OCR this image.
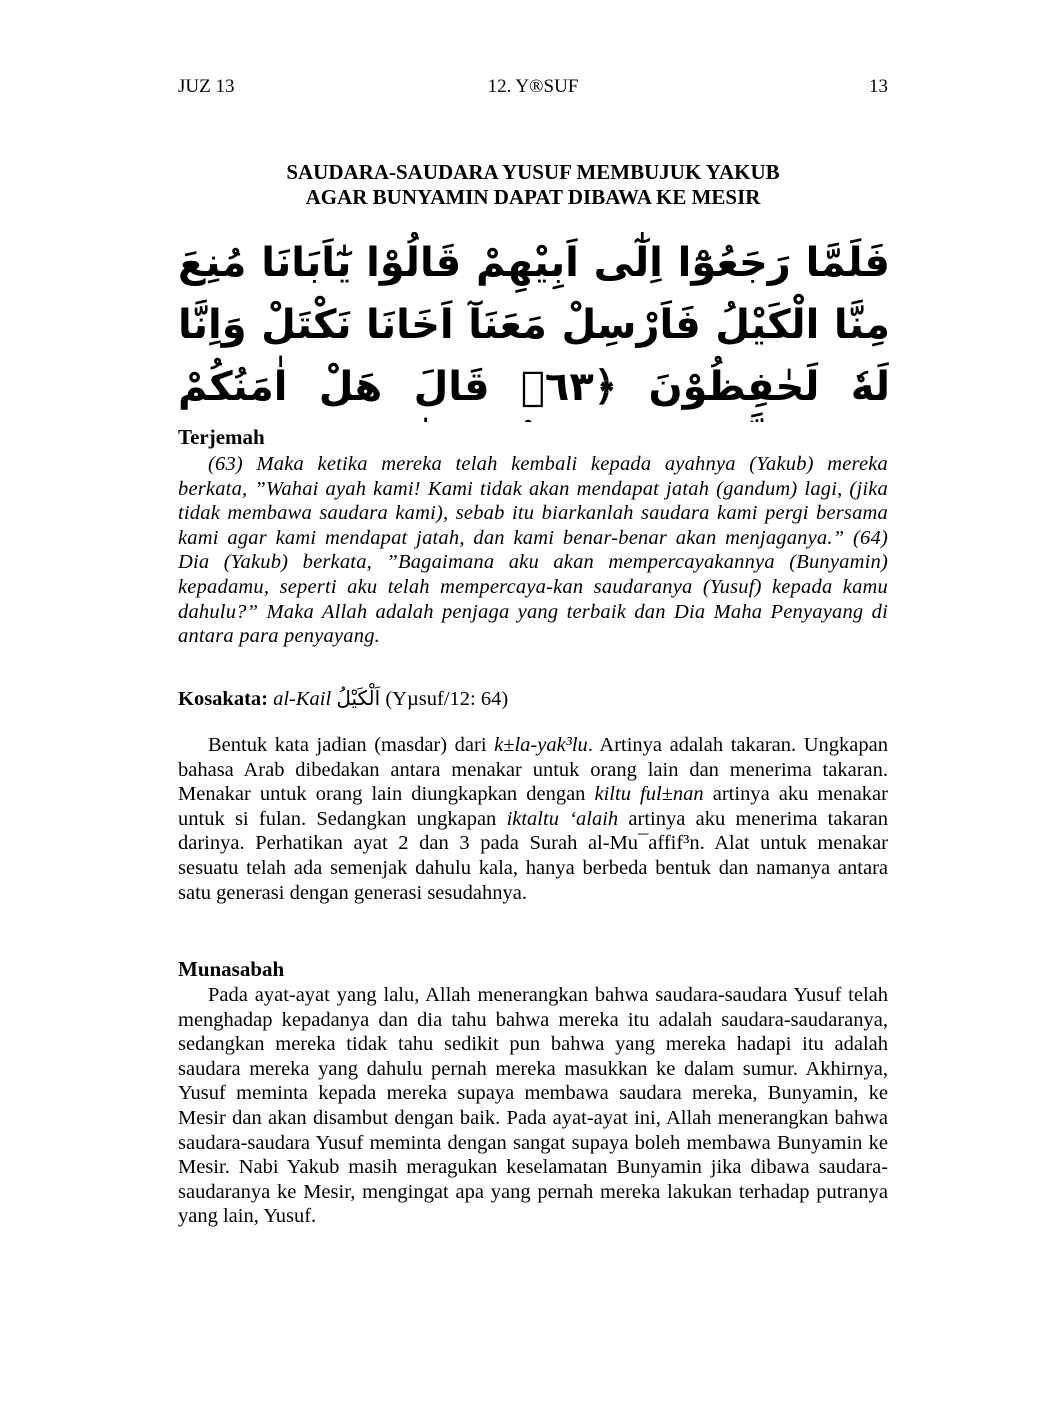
JUZ 13	12. Y®SUF	13
SAUDARA-SAUDARA YUSUF MEMBUJUK YAKUB
AGAR BUNYAMIN DAPAT DIBAWA KE MESIR
فَلَمَّا رَجَعُوْٓا اِلٰٓى اَبِيْهِمْ قَالُوْا يٰٓاَبَانَا مُنِعَ مِنَّا الْكَيْلُ فَاَرْسِلْ مَعَنَآ اَخَانَا نَكْتَلْ وَاِنَّا لَهٗ لَحٰفِظُوْنَ ﴿٦٣﴾ قَالَ هَلْ اٰمَنُكُمْ
Terjemah
(63) Maka ketika mereka telah kembali kepada ayahnya (Yakub) mereka berkata, ”Wahai ayah kami! Kami tidak akan mendapat jatah (gandum) lagi, (jika tidak membawa saudara kami), sebab itu biarkanlah saudara kami pergi bersama kami agar kami mendapat jatah, dan kami benar-benar akan menjaganya.” (64) Dia (Yakub) berkata, ”Bagaimana aku akan mempercayakannya (Bunyamin) kepadamu, seperti aku telah mempercaya-kan saudaranya (Yusuf) kepada kamu dahulu?” Maka Allah adalah penjaga yang terbaik dan Dia Maha Penyayang di antara para penyayang.
Kosakata: al-Kail اَلْكَيْلُ (Yµsuf/12: 64)
Bentuk kata jadian (masdar) dari k±la-yak³lu. Artinya adalah takaran. Ungkapan bahasa Arab dibedakan antara menakar untuk orang lain dan menerima takaran. Menakar untuk orang lain diungkapkan dengan kiltu ful±nan artinya aku menakar untuk si fulan. Sedangkan ungkapan iktaltu ‘alaih artinya aku menerima takaran darinya. Perhatikan ayat 2 dan 3 pada Surah al-Mu¯affif³n. Alat untuk menakar sesuatu telah ada semenjak dahulu kala, hanya berbeda bentuk dan namanya antara satu generasi dengan generasi sesudahnya.
Munasabah
Pada ayat-ayat yang lalu, Allah menerangkan bahwa saudara-saudara Yusuf telah menghadap kepadanya dan dia tahu bahwa mereka itu adalah saudara-saudaranya, sedangkan mereka tidak tahu sedikit pun bahwa yang mereka hadapi itu adalah saudara mereka yang dahulu pernah mereka masukkan ke dalam sumur. Akhirnya, Yusuf meminta kepada mereka supaya membawa saudara mereka, Bunyamin, ke Mesir dan akan disambut dengan baik. Pada ayat-ayat ini, Allah menerangkan bahwa saudara-saudara Yusuf meminta dengan sangat supaya boleh membawa Bunyamin ke Mesir. Nabi Yakub masih meragukan keselamatan Bunyamin jika dibawa saudara-saudaranya ke Mesir, mengingat apa yang pernah mereka lakukan terhadap putranya yang lain, Yusuf.
